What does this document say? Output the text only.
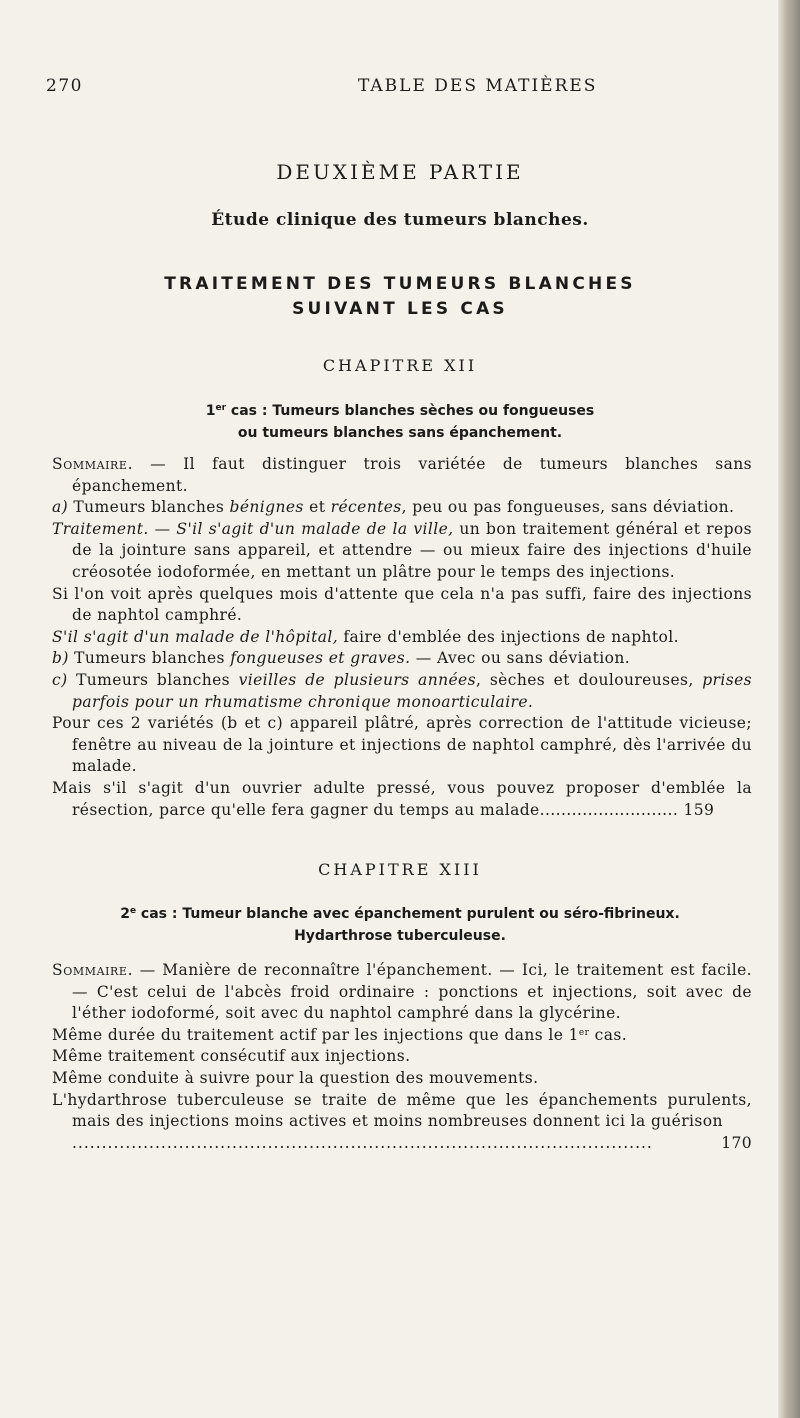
270	TABLE DES MATIÈRES
DEUXIÈME PARTIE
Étude clinique des tumeurs blanches.
TRAITEMENT DES TUMEURS BLANCHES
SUIVANT LES CAS
CHAPITRE XII
1er cas : Tumeurs blanches sèches ou fongueuses
ou tumeurs blanches sans épanchement.

Sommaire. — Il faut distinguer trois variétée de tumeurs blanches sans épanchement.

a) Tumeurs blanches bénignes et récentes, peu ou pas fongueuses, sans déviation.

Traitement. — S'il s'agit d'un malade de la ville, un bon traitement général et repos de la jointure sans appareil, et attendre — ou mieux faire des injections d'huile créosotée iodoformée, en mettant un plâtre pour le temps des injections.

Si l'on voit après quelques mois d'attente que cela n'a pas suffi, faire des injections de naphtol camphré.

S'il s'agit d'un malade de l'hôpital, faire d'emblée des injections de naphtol.

b) Tumeurs blanches fongueuses et graves. — Avec ou sans déviation.

c) Tumeurs blanches vieilles de plusieurs années, sèches et douloureuses, prises parfois pour un rhumatisme chronique monoarticulaire.

Pour ces 2 variétés (b et c) appareil plâtré, après correction de l'attitude vicieuse; fenêtre au niveau de la jointure et injections de naphtol camphré, dès l'arrivée du malade.

Mais s'il s'agit d'un ouvrier adulte pressé, vous pouvez proposer d'emblée la résection, parce qu'elle fera gagner du temps au malade.......................... 159

CHAPITRE XIII
2e cas : Tumeur blanche avec épanchement purulent ou séro-fibrineux.
Hydarthrose tuberculeuse.

Sommaire. — Manière de reconnaître l'épanchement. — Ici, le traitement est facile. — C'est celui de l'abcès froid ordinaire : ponctions et injections, soit avec de l'éther iodoformé, soit avec du naphtol camphré dans la glycérine.

Même durée du traitement actif par les injections que dans le 1er cas.

Même traitement consécutif aux injections.

Même conduite à suivre pour la question des mouvements.

L'hydarthrose tuberculeuse se traite de même que les épanchements purulents, mais des injections moins actives et moins nombreuses donnent ici la guérison

..................................................................................................	170
